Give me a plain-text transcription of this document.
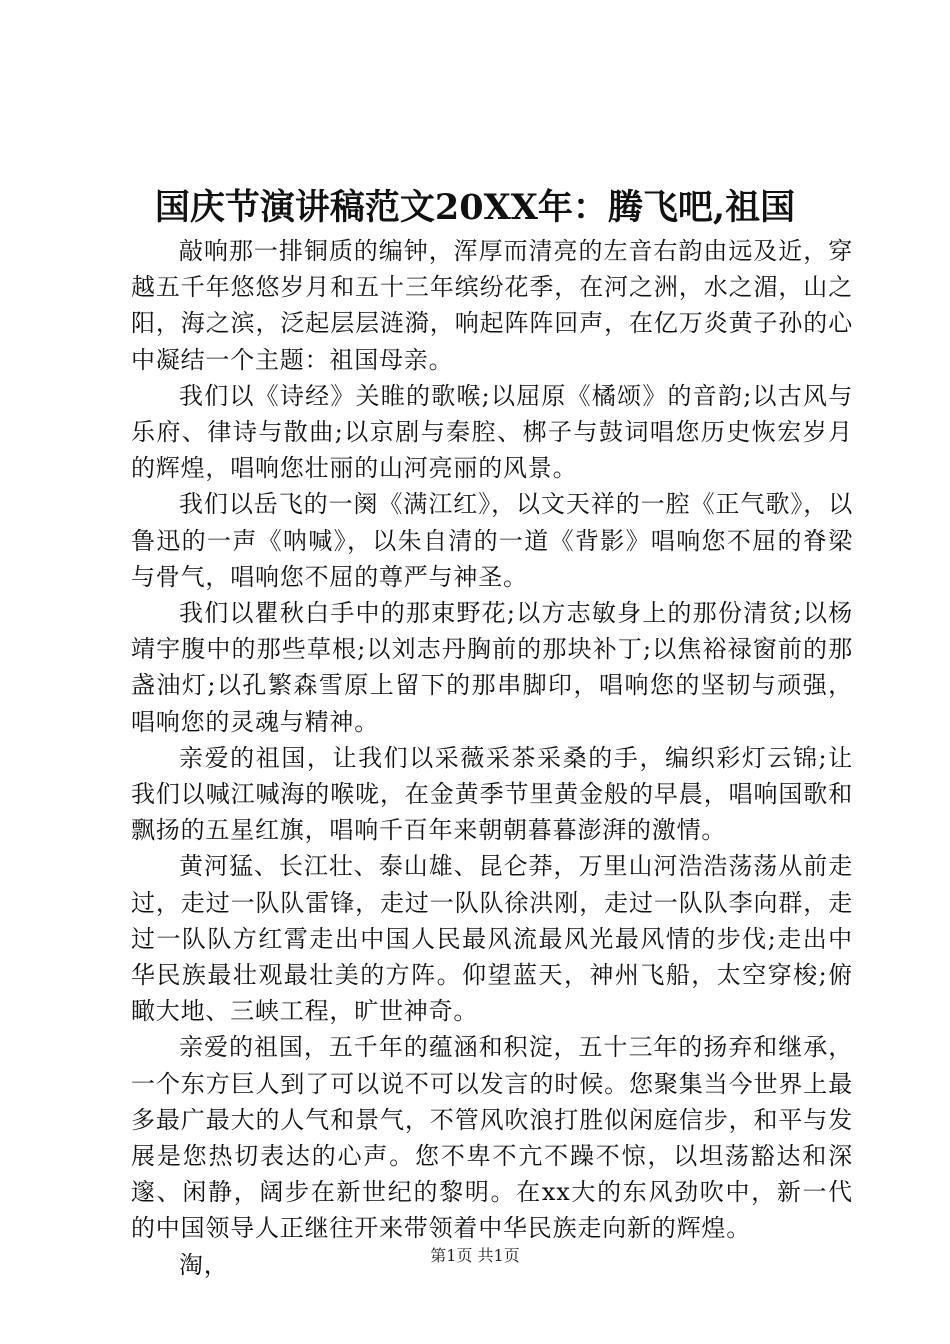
国庆节演讲稿范文20XX年：腾飞吧,祖国

敲响那一排铜质的编钟，浑厚而清亮的左音右韵由远及近，穿越五千年悠悠岁月和五十三年缤纷花季，在河之洲，水之湄，山之阳，海之滨，泛起层层涟漪，响起阵阵回声，在亿万炎黄子孙的心中凝结一个主题：祖国母亲。

我们以《诗经》关睢的歌喉;以屈原《橘颂》的音韵;以古风与乐府、律诗与散曲;以京剧与秦腔、梆子与鼓词唱您历史恢宏岁月的辉煌，唱响您壮丽的山河亮丽的风景。

我们以岳飞的一阕《满江红》，以文天祥的一腔《正气歌》，以鲁迅的一声《呐喊》，以朱自清的一道《背影》唱响您不屈的脊梁与骨气，唱响您不屈的尊严与神圣。

我们以瞿秋白手中的那束野花;以方志敏身上的那份清贫;以杨靖宇腹中的那些草根;以刘志丹胸前的那块补丁;以焦裕禄窗前的那盏油灯;以孔繁森雪原上留下的那串脚印，唱响您的坚韧与顽强，唱响您的灵魂与精神。

亲爱的祖国，让我们以采薇采茶采桑的手，编织彩灯云锦;让我们以喊江喊海的喉咙，在金黄季节里黄金般的早晨，唱响国歌和飘扬的五星红旗，唱响千百年来朝朝暮暮澎湃的激情。

黄河猛、长江壮、泰山雄、昆仑莽，万里山河浩浩荡荡从前走过，走过一队队雷锋，走过一队队徐洪刚，走过一队队李向群，走过一队队方红霄走出中国人民最风流最风光最风情的步伐;走出中华民族最壮观最壮美的方阵。仰望蓝天，神州飞船，太空穿梭;俯瞰大地、三峡工程，旷世神奇。

亲爱的祖国，五千年的蕴涵和积淀，五十三年的扬弃和继承，一个东方巨人到了可以说不可以发言的时候。您聚集当今世界上最多最广最大的人气和景气，不管风吹浪打胜似闲庭信步，和平与发展是您热切表达的心声。您不卑不亢不躁不惊，以坦荡豁达和深邃、闲静，阔步在新世纪的黎明。在xx大的东风劲吹中，新一代的中国领导人正继往开来带领着中华民族走向新的辉煌。

淘，	第1页 共1页
